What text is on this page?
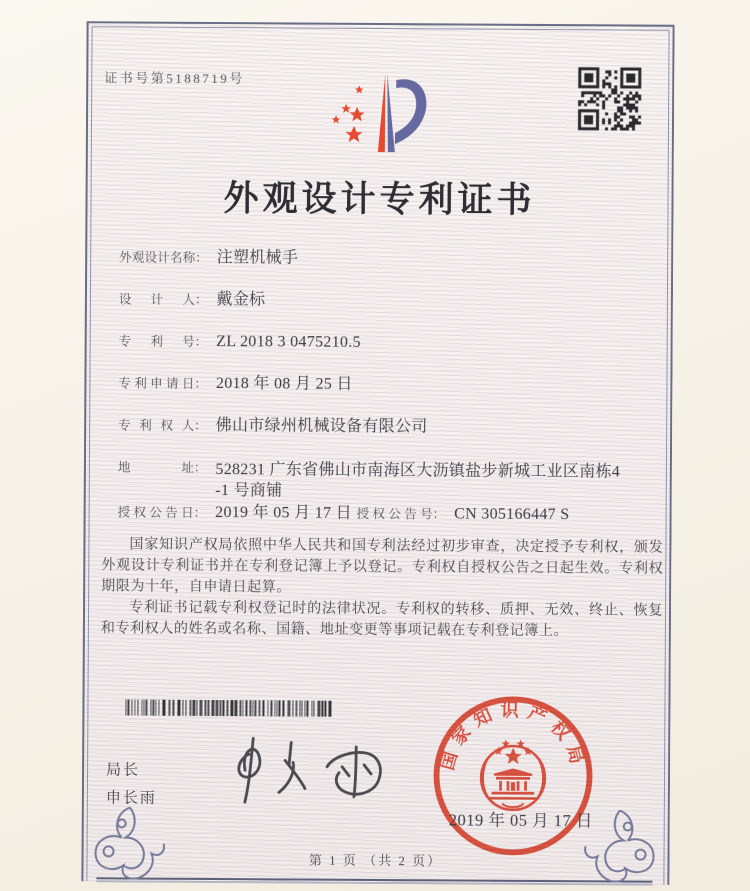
证书号第5188719号
外观设计专利证书
外观设计名称 ： 注塑机械手
设计人 ： 戴金标
专利号 ： ZL 2018 3 0475210.5
专利申请日 ： 2018 年 08 月 25 日
专利权人 ： 佛山市绿州机械设备有限公司
地址 ： 528231 广东省佛山市南海区大沥镇盐步新城工业区南栋4
-1 号商铺
授权公告日 ： 2019 年 05 月 17 日 授权公告号 ： CN 305166447 S

国家知识产权局依照中华人民共和国专利法经过初步审查，决定授予专利权，颁发外观设计专利证书并在专利登记簿上予以登记。专利权自授权公告之日起生效。专利权期限为十年，自申请日起算。

专利证书记载专利权登记时的法律状况。专利权的转移、质押、无效、终止、恢复和专利权人的姓名或名称、国籍、地址变更等事项记载在专利登记簿上。

局长
申长雨
国家知识产权局
2019 年 05 月 17 日
第 1 页 （共 2 页）
